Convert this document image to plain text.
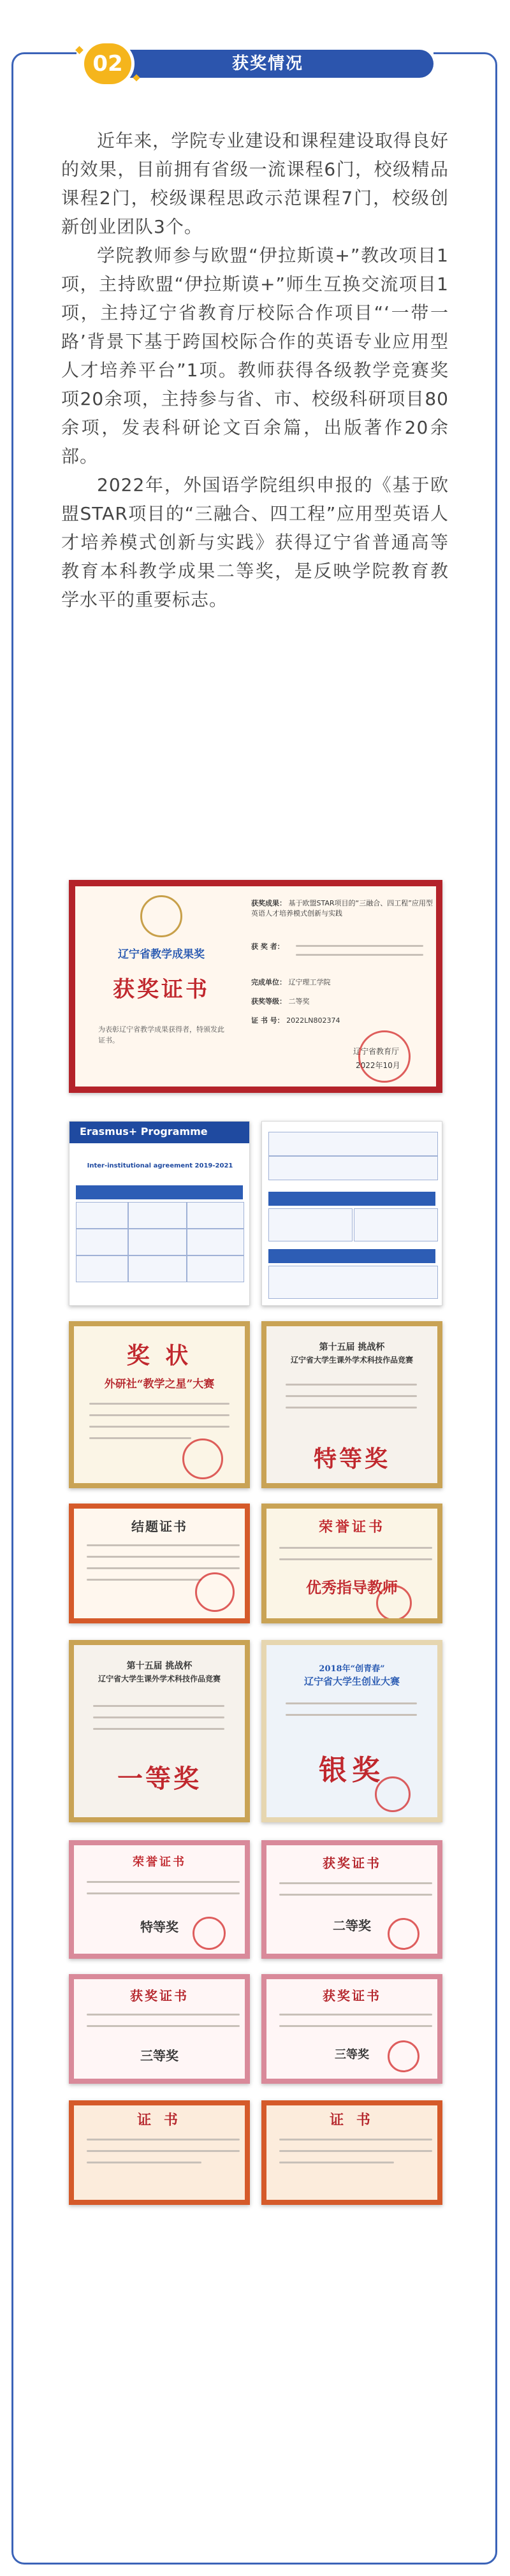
获奖情况
02

近年来，学院专业建设和课程建设取得良好的效果，目前拥有省级一流课程6门，校级精品课程2门，校级课程思政示范课程7门，校级创新创业团队3个。

学院教师参与欧盟“伊拉斯谟+”教改项目1项，主持欧盟“伊拉斯谟+”师生互换交流项目1项，主持辽宁省教育厅校际合作项目“‘一带一路’背景下基于跨国校际合作的英语专业应用型人才培养平台”1项。教师获得各级教学竞赛奖项20余项，主持参与省、市、校级科研项目80余项，发表科研论文百余篇，出版著作20余部。

2022年，外国语学院组织申报的《基于欧盟STAR项目的“三融合、四工程”应用型英语人才培养模式创新与实践》获得辽宁省普通高等教育本科教学成果二等奖，是反映学院教育教学水平的重要标志。

辽宁省教学成果奖
获奖证书
为表彰辽宁省教学成果获得者，特颁发此证书。
获奖成果： 基于欧盟STAR项目的“三融合、四工程”应用型英语人才培养模式创新与实践
获 奖 者：
完成单位： 辽宁理工学院
获奖等级： 二等奖
证 书 号： 2022LN802374
辽宁省教育厅
2022年10月
Erasmus+ Programme
Inter-institutional agreement 2019-2021
奖 状
外研社“教学之星”大赛
第十五届 挑战杯
辽宁省大学生课外学术科技作品竞赛
特等奖
结题证书	荣誉证书
优秀指导教师
第十五届 挑战杯
辽宁省大学生课外学术科技作品竞赛
一等奖
2018年“创青春”
辽宁省大学生创业大赛
银奖
荣誉证书
特等奖
获奖证书
二等奖
获奖证书
三等奖
获奖证书
三等奖
证 书	证 书
